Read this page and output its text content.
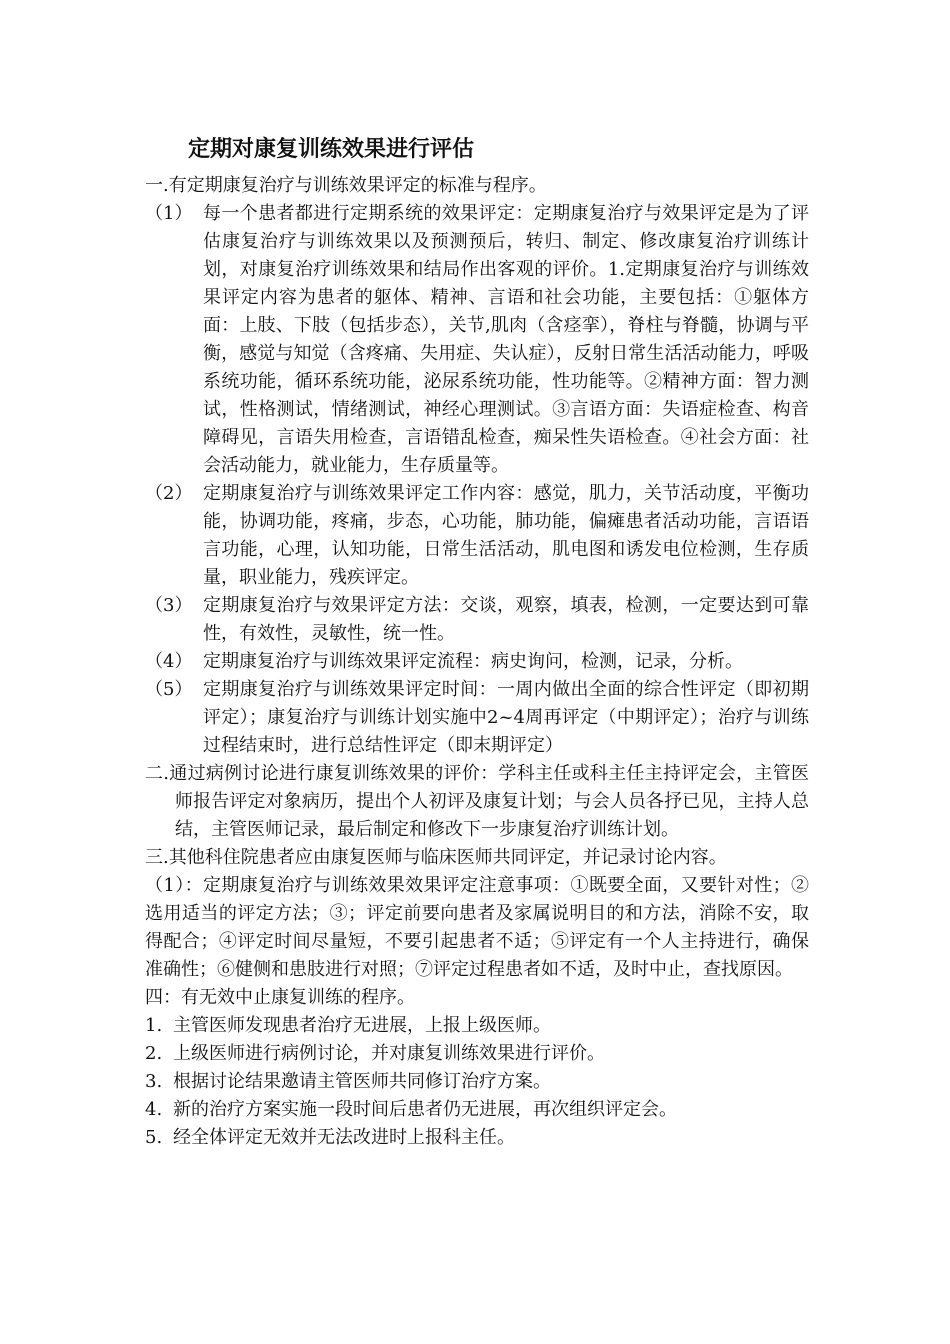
定期对康复训练效果进行评估

一.有定期康复治疗与训练效果评定的标准与程序。

（1） 每一个患者都进行定期系统的效果评定：定期康复治疗与效果评定是为了评估康复治疗与训练效果以及预测预后，转归、制定、修改康复治疗训练计划，对康复治疗训练效果和结局作出客观的评价。1.定期康复治疗与训练效果评定内容为患者的躯体、精神、言语和社会功能，主要包括：①躯体方面：上肢、下肢（包括步态），关节,肌肉（含痉挛），脊柱与脊髓，协调与平衡，感觉与知觉（含疼痛、失用症、失认症），反射日常生活活动能力，呼吸系统功能，循环系统功能，泌尿系统功能，性功能等。②精神方面：智力测试，性格测试，情绪测试，神经心理测试。③言语方面：失语症检查、构音障碍见，言语失用检查，言语错乱检查，痴呆性失语检查。④社会方面：社会活动能力，就业能力，生存质量等。
（2） 定期康复治疗与训练效果评定工作内容：感觉，肌力，关节活动度，平衡功能，协调功能，疼痛，步态，心功能，肺功能，偏瘫患者活动功能，言语语言功能，心理，认知功能，日常生活活动，肌电图和诱发电位检测，生存质量，职业能力，残疾评定。
（3） 定期康复治疗与效果评定方法：交谈，观察，填表，检测，一定要达到可靠性，有效性，灵敏性，统一性。
（4） 定期康复治疗与训练效果评定流程：病史询问，检测，记录，分析。
（5） 定期康复治疗与训练效果评定时间：一周内做出全面的综合性评定（即初期评定）；康复治疗与训练计划实施中2~4周再评定（中期评定）；治疗与训练过程结束时，进行总结性评定（即末期评定）

二.通过病例讨论进行康复训练效果的评价：学科主任或科主任主持评定会，主管医师报告评定对象病历，提出个人初评及康复计划；与会人员各抒已见，主持人总结，主管医师记录，最后制定和修改下一步康复治疗训练计划。

三.其他科住院患者应由康复医师与临床医师共同评定，并记录讨论内容。

（1）：定期康复治疗与训练效果效果评定注意事项：①既要全面，又要针对性；②选用适当的评定方法；③；评定前要向患者及家属说明目的和方法，消除不安，取得配合；④评定时间尽量短，不要引起患者不适；⑤评定有一个人主持进行，确保准确性；⑥健侧和患肢进行对照；⑦评定过程患者如不适，及时中止，查找原因。

四：有无效中止康复训练的程序。

1. 主管医师发现患者治疗无进展，上报上级医师。
2. 上级医师进行病例讨论，并对康复训练效果进行评价。
3. 根据讨论结果邀请主管医师共同修订治疗方案。
4. 新的治疗方案实施一段时间后患者仍无进展，再次组织评定会。
5. 经全体评定无效并无法改进时上报科主任。
